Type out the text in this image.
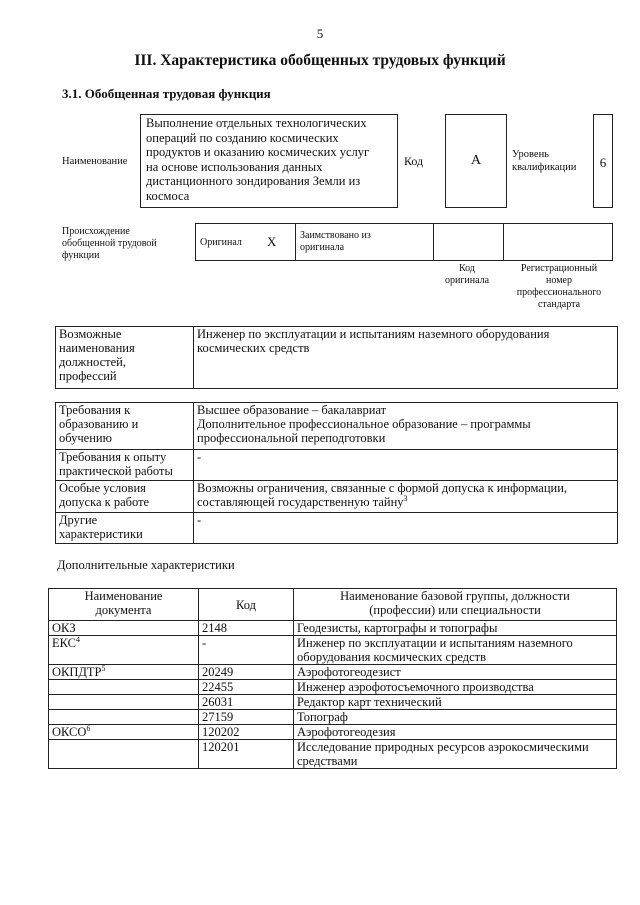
5
III. Характеристика обобщенных трудовых функций
3.1. Обобщенная трудовая функция
Наименование
Выполнение отдельных технологических
операций по созданию космических
продуктов и оказанию космических услуг
на основе использования данных
дистанционного зондирования Земли из
космоса
Код	A	Уровень
квалификации	6
Происхождение
обобщенной трудовой
функции
Оригинал X Заимствовано из
оригинала
Код
оригинала
Регистрационный
номер
профессионального
стандарта
Возможные
наименования
должностей,
профессий	Инженер по эксплуатации и испытаниям наземного оборудования
космических средств
Требования к
образованию и
обучению	Высшее образование – бакалавриат
Дополнительное профессиональное образование – программы
профессиональной переподготовки
Требования к опыту
практической работы	-
Особые условия
допуска к работе	Возможны ограничения, связанные с формой допуска к информации,
составляющей государственную тайну$^3$
Другие
характеристики	-
Дополнительные характеристики
Наименование
документа	Код	Наименование базовой группы, должности
(профессии) или специальности
ОКЗ	2148	Геодезисты, картографы и топографы
ЕКС$^4$	-	Инженер по эксплуатации и испытаниям наземного
оборудования космических средств
ОКПДТР$^5$	20249	Аэрофотогеодезист
	22455	Инженер аэрофотосъемочного производства
	26031	Редактор карт технический
	27159	Топограф
ОКСО$^6$	120202	Аэрофотогеодезия
	120201	Исследование природных ресурсов аэрокосмическими
средствами
